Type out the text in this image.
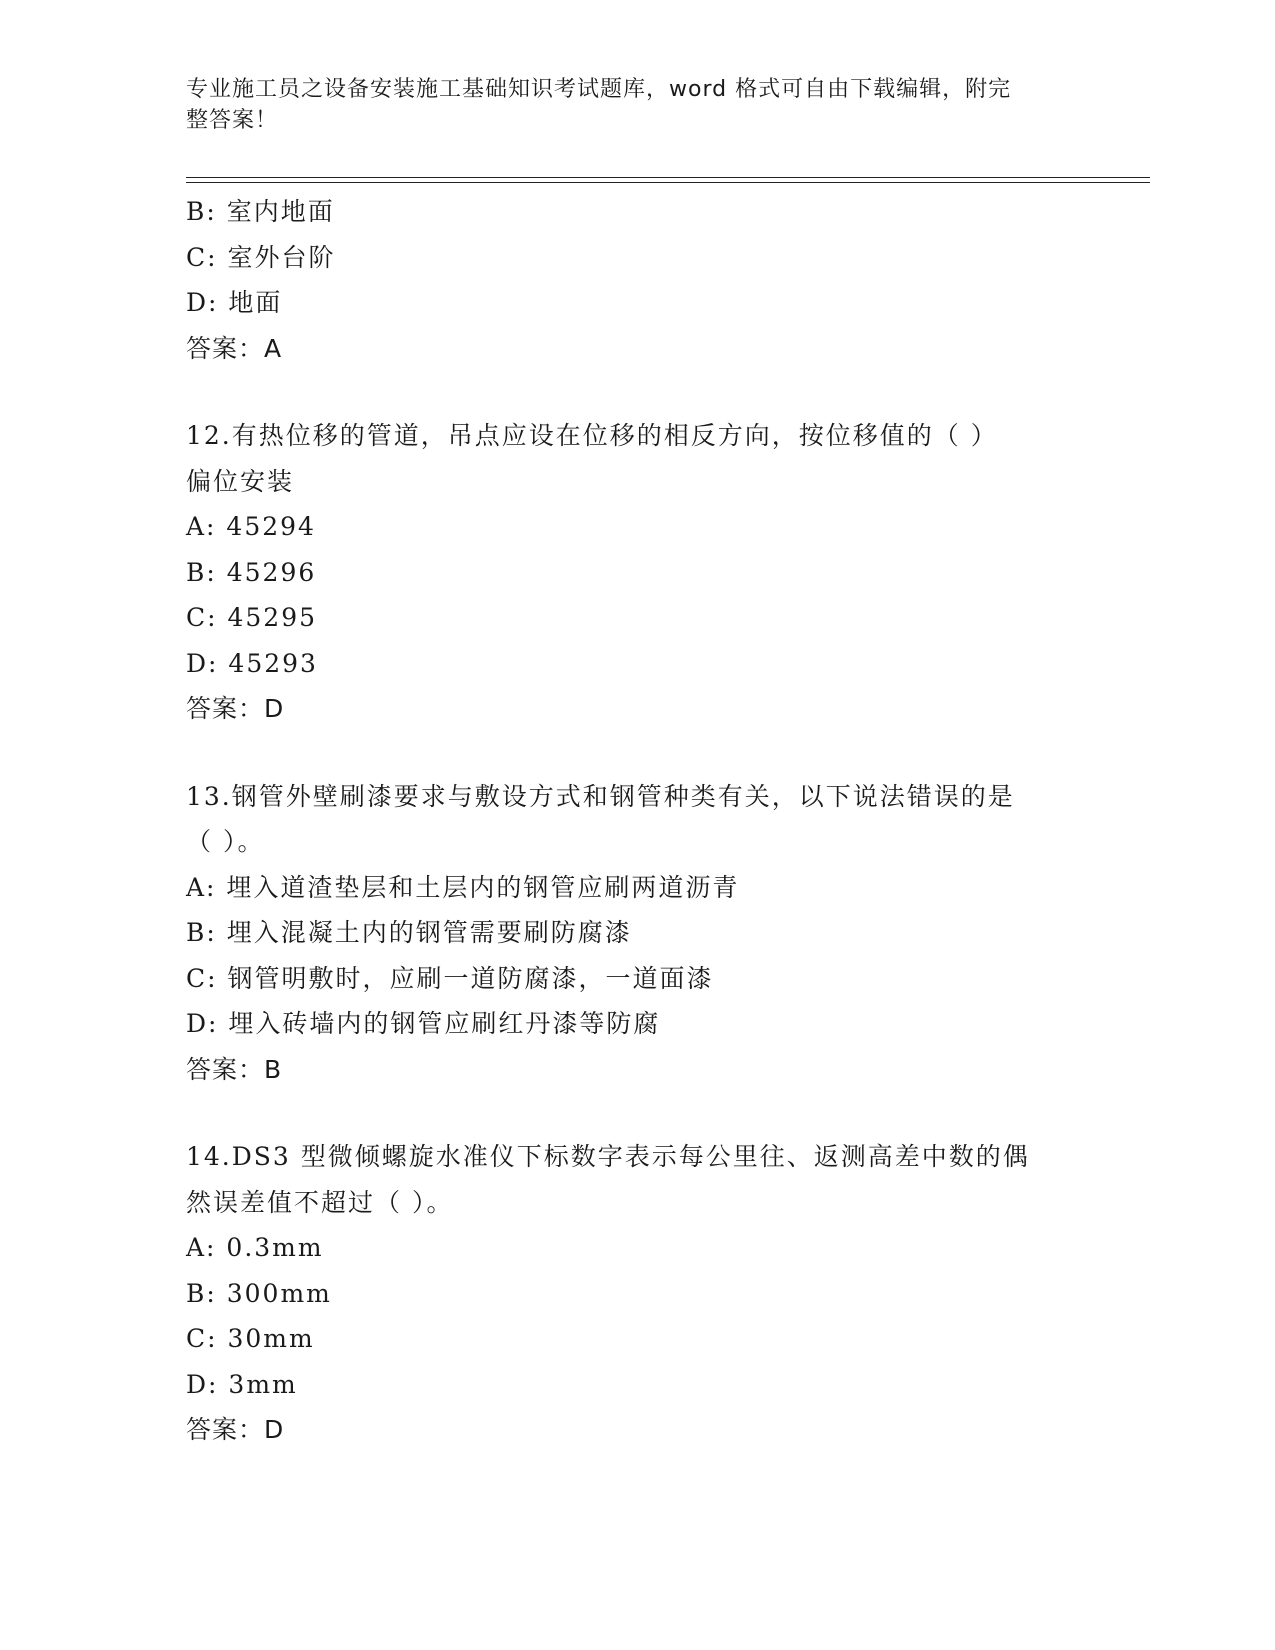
专业施工员之设备安装施工基础知识考试题库，word 格式可自由下载编辑，附完
整答案！
B: 室内地面
C: 室外台阶
D: 地面
答案：A
12.有热位移的管道，吊点应设在位移的相反方向，按位移值的（ ）
偏位安装
A: 45294
B: 45296
C: 45295
D: 45293
答案：D
13.钢管外壁刷漆要求与敷设方式和钢管种类有关，以下说法错误的是
（ ）。
A: 埋入道渣垫层和土层内的钢管应刷两道沥青
B: 埋入混凝土内的钢管需要刷防腐漆
C: 钢管明敷时，应刷一道防腐漆，一道面漆
D: 埋入砖墙内的钢管应刷红丹漆等防腐
答案：B
14.DS3 型微倾螺旋水准仪下标数字表示每公里往、返测高差中数的偶
然误差值不超过（ ）。
A: 0.3mm
B: 300mm
C: 30mm
D: 3mm
答案：D
